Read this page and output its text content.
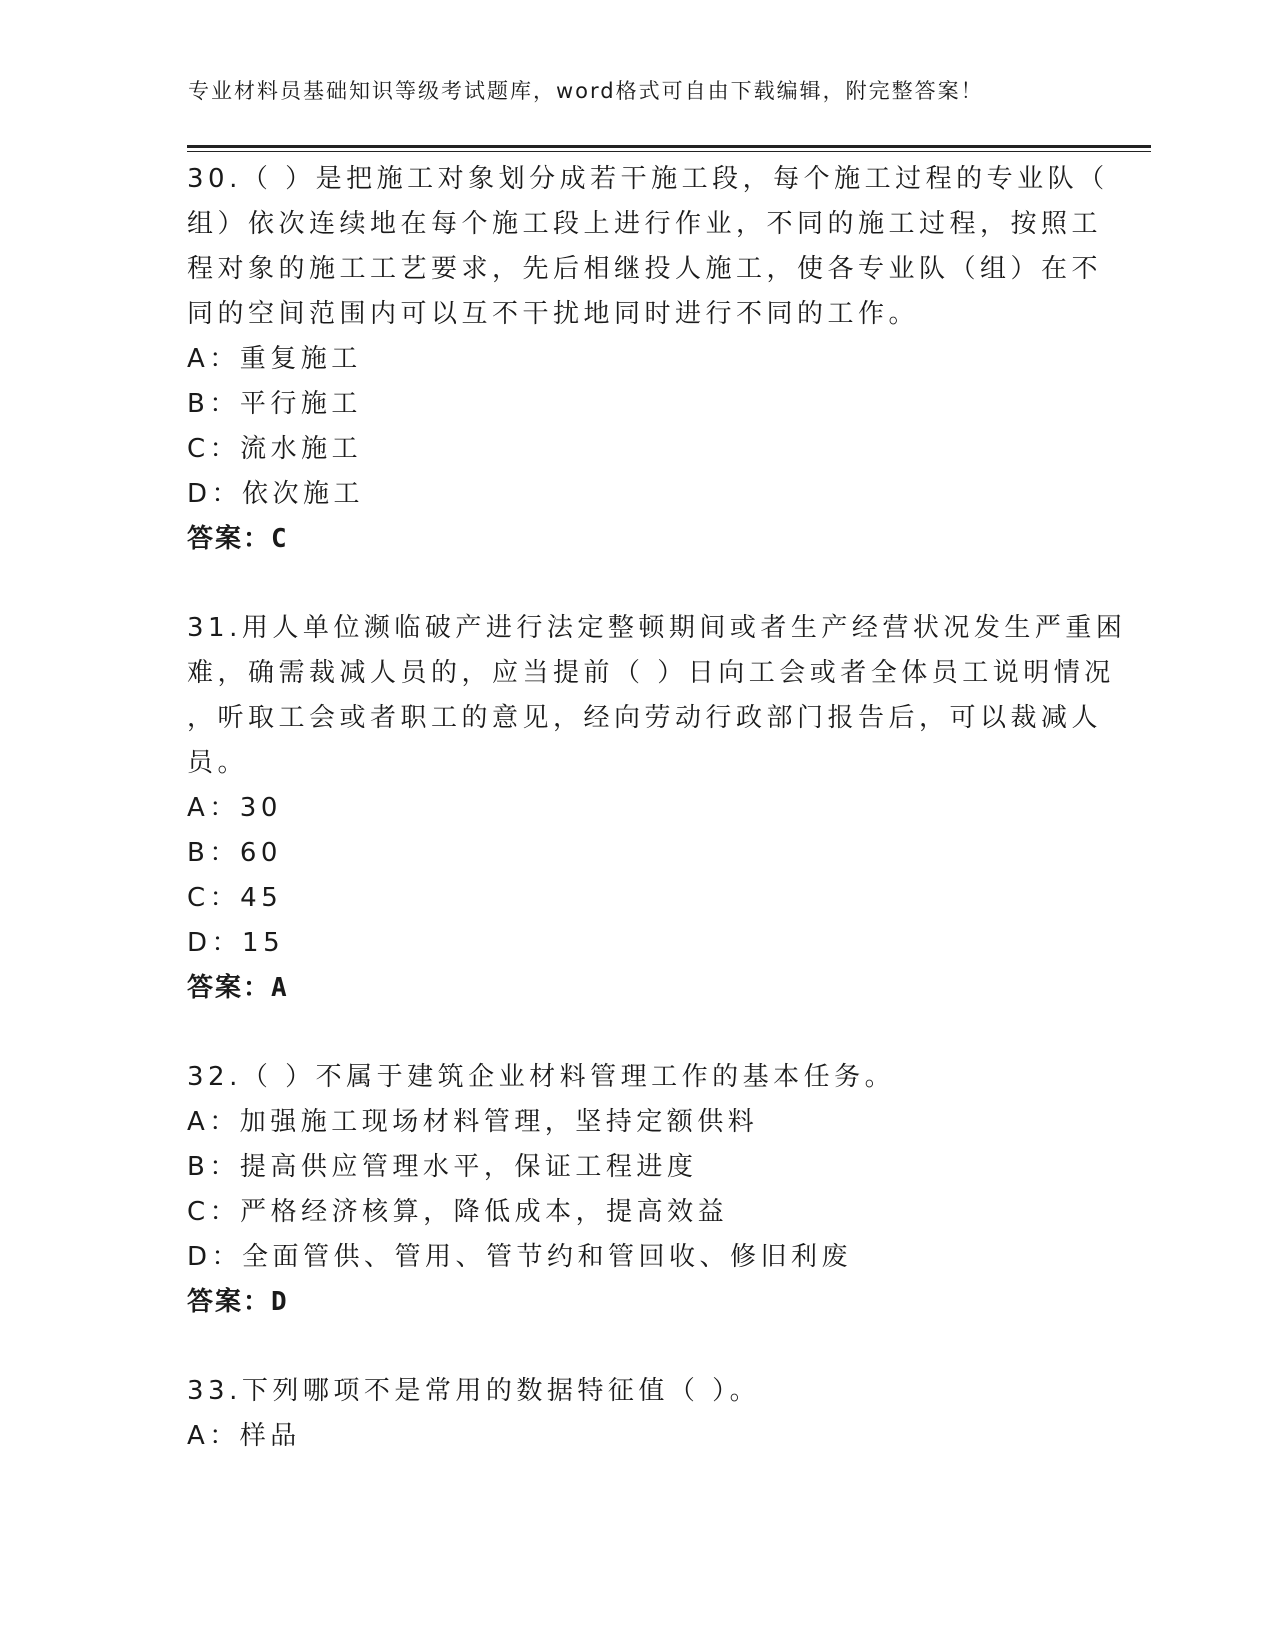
专业材料员基础知识等级考试题库，word格式可自由下载编辑，附完整答案！
30.（ ）是把施工对象划分成若干施工段，每个施工过程的专业队（
组）依次连续地在每个施工段上进行作业，不同的施工过程，按照工
程对象的施工工艺要求，先后相继投人施工，使各专业队（组）在不
同的空间范围内可以互不干扰地同时进行不同的工作。
A：重复施工
B：平行施工
C：流水施工
D：依次施工
答案：C
31.用人单位濒临破产进行法定整顿期间或者生产经营状况发生严重困
难，确需裁减人员的，应当提前（ ）日向工会或者全体员工说明情况
，听取工会或者职工的意见，经向劳动行政部门报告后，可以裁减人
员。
A：30
B：60
C：45
D：15
答案：A
32.（ ）不属于建筑企业材料管理工作的基本任务。
A：加强施工现场材料管理，坚持定额供料
B：提高供应管理水平，保证工程进度
C：严格经济核算，降低成本，提高效益
D：全面管供、管用、管节约和管回收、修旧利废
答案：D
33.下列哪项不是常用的数据特征值（ ）。
A：样品
